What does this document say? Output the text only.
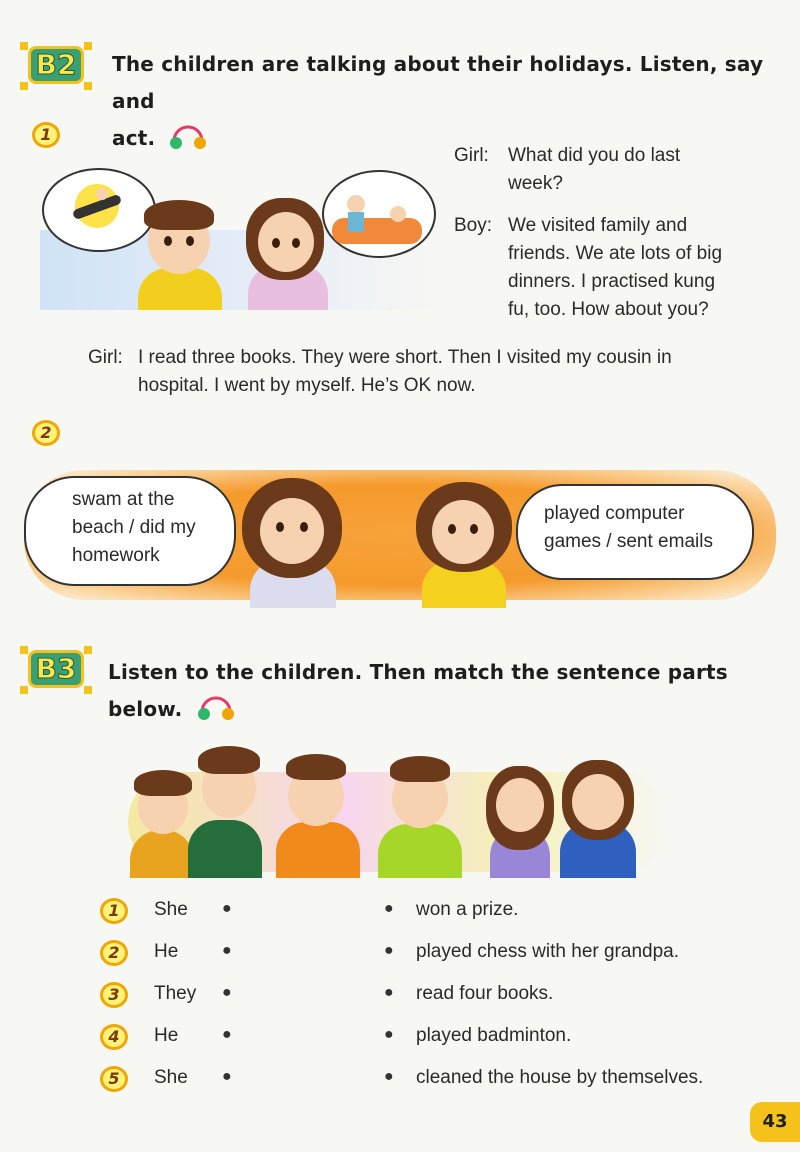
B2	The children are talking about their holidays. Listen, say and
act.
1
Girl: What did you do last
week?
Boy: We visited family and
friends. We ate lots of big
dinners. I practised kung
fu, too. How about you?
Girl: I read three books. They were short. Then I visited my cousin in
hospital. I went by myself. He’s OK now.
2
swam at the
beach / did my
homework
played computer
games / sent emails
B3	Listen to the children. Then match the sentence parts
below.
1	She ●	● won a prize.
2	He	●	● played chess with her grandpa.
3	They ●	● read four books.
4	He	●	● played badminton.
5	She ●	● cleaned the house by themselves.
43
